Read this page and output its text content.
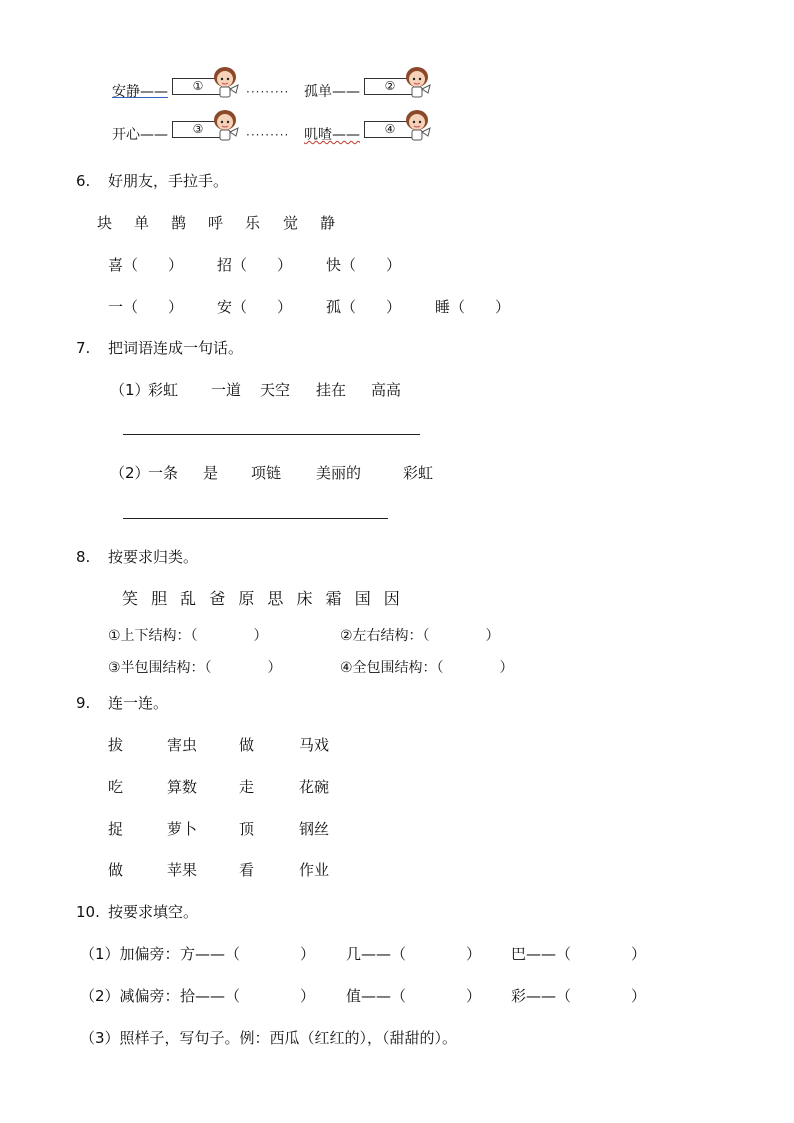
安静——	①	········· 孤单——	②
开心——	③	········· 叽喳——	④
6. 好朋友，手拉手。
块 单 鹊 呼 乐 觉 静
喜（　　） 招（　　） 快（　　）
一（　　） 安（　　） 孤（　　） 睡（　　）
7. 把词语连成一句话。
（1）
彩虹 一道 天空 挂在 高高
（2）
一条 是 项链 美丽的	彩虹
8. 按要求归类。
笑 胆 乱 爸 原 思 床 霜 国 因
①上下结构：（　　　　）	②左右结构：（　　　　）
③半包围结构：（　　　　）	④全包围结构：（　　　　）
9. 连一连。
拔	害虫	做	马戏
吃	算数	走	花碗
捉	萝卜	顶	钢丝
做	苹果	看	作业
10. 按要求填空。
（1）加偏旁： 方——（　　　　） 几——（　　　　） 巴——（　　　　）
（2）减偏旁： 拾——（　　　　） 值——（　　　　） 彩——（　　　　）
（3）照样子，写句子。例：西瓜（红红的），（甜甜的）。
